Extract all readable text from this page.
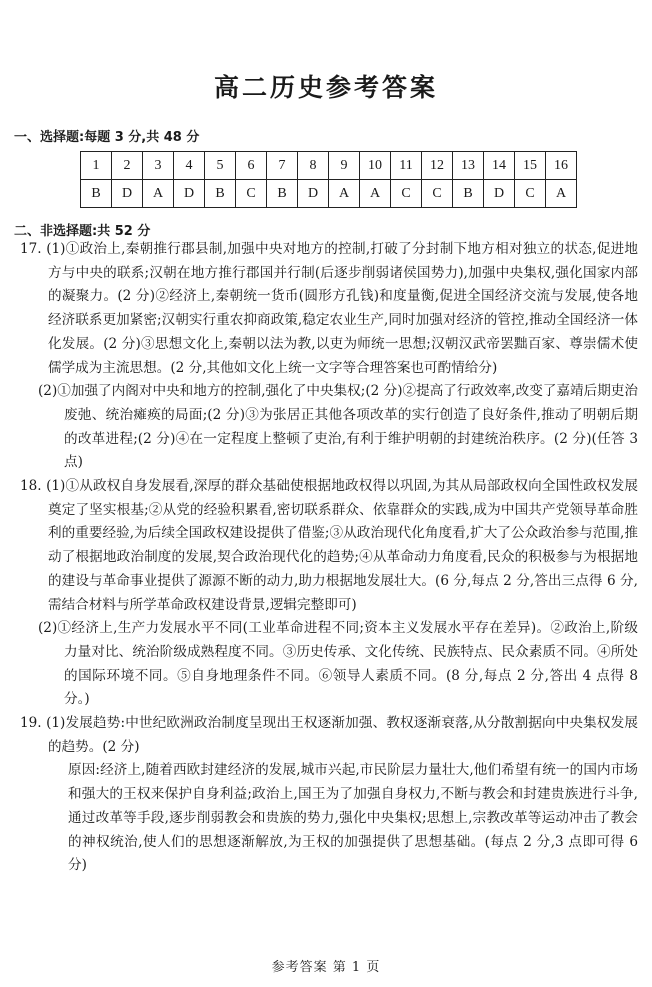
高二历史参考答案
一、选择题:每题 3 分,共 48 分
1	2	3	4	5	6	7	8	9	10	11	12	13	14	15	16
B	D	A	D	B	C	B	D	A	A	C	C	B	D	C	A
二、非选择题:共 52 分

17. (1)①政治上,秦朝推行郡县制,加强中央对地方的控制,打破了分封制下地方相对独立的状态,促进地方与中央的联系;汉朝在地方推行郡国并行制(后逐步削弱诸侯国势力),加强中央集权,强化国家内部的凝聚力。(2 分)②经济上,秦朝统一货币(圆形方孔钱)和度量衡,促进全国经济交流与发展,使各地经济联系更加紧密;汉朝实行重农抑商政策,稳定农业生产,同时加强对经济的管控,推动全国经济一体化发展。(2 分)③思想文化上,秦朝以法为教,以吏为师统一思想;汉朝汉武帝罢黜百家、尊崇儒术使儒学成为主流思想。(2 分,其他如文化上统一文字等合理答案也可酌情给分)

(2)①加强了内阁对中央和地方的控制,强化了中央集权;(2 分)②提高了行政效率,改变了嘉靖后期吏治废弛、统治瘫痪的局面;(2 分)③为张居正其他各项改革的实行创造了良好条件,推动了明朝后期的改革进程;(2 分)④在一定程度上整顿了吏治,有利于维护明朝的封建统治秩序。(2 分)(任答 3 点)

18. (1)①从政权自身发展看,深厚的群众基础使根据地政权得以巩固,为其从局部政权向全国性政权发展奠定了坚实根基;②从党的经验积累看,密切联系群众、依靠群众的实践,成为中国共产党领导革命胜利的重要经验,为后续全国政权建设提供了借鉴;③从政治现代化角度看,扩大了公众政治参与范围,推动了根据地政治制度的发展,契合政治现代化的趋势;④从革命动力角度看,民众的积极参与为根据地的建设与革命事业提供了源源不断的动力,助力根据地发展壮大。(6 分,每点 2 分,答出三点得 6 分,需结合材料与所学革命政权建设背景,逻辑完整即可)

(2)①经济上,生产力发展水平不同(工业革命进程不同;资本主义发展水平存在差异)。②政治上,阶级力量对比、统治阶级成熟程度不同。③历史传承、文化传统、民族特点、民众素质不同。④所处的国际环境不同。⑤自身地理条件不同。⑥领导人素质不同。(8 分,每点 2 分,答出 4 点得 8 分。)

19. (1)发展趋势:中世纪欧洲政治制度呈现出王权逐渐加强、教权逐渐衰落,从分散割据向中央集权发展的趋势。(2 分)

原因:经济上,随着西欧封建经济的发展,城市兴起,市民阶层力量壮大,他们希望有统一的国内市场和强大的王权来保护自身利益;政治上,国王为了加强自身权力,不断与教会和封建贵族进行斗争,通过改革等手段,逐步削弱教会和贵族的势力,强化中央集权;思想上,宗教改革等运动冲击了教会的神权统治,使人们的思想逐渐解放,为王权的加强提供了思想基础。(每点 2 分,3 点即可得 6 分)

参考答案 第 1 页
